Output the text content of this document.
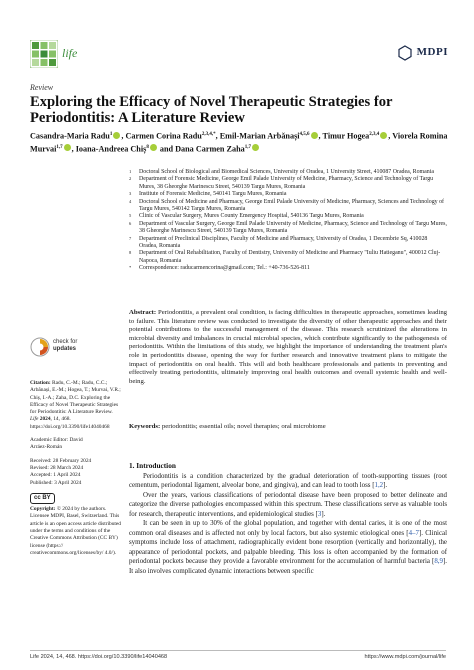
life	MDPI
Review
Exploring the Efficacy of Novel Therapeutic Strategies for Periodontitis: A Literature Review
Casandra-Maria Radu$^1$ , Carmen Corina Radu$^{2,3,4,*}$, Emil-Marian Arbănași$^{4,5,6}$ , Timur Hogea$^{2,3,4}$ , Viorela Romina Murvai$^{1,7}$ , Ioana-Andreea Chiș$^8$ and Dana Carmen Zaha$^{1,7}$
1	Doctoral School of Biological and Biomedical Sciences, University of Oradea, 1 University Street, 410087 Oradea, Romania
2	Department of Forensic Medicine, George Emil Palade University of Medicine, Pharmacy, Science and Technology of Targu Mures, 38 Gheorghe Marinescu Street, 540139 Targu Mures, Romania
3	Institute of Forensic Medicine, 540141 Targu Mures, Romania
4	Doctoral School of Medicine and Pharmacy, George Emil Palade University of Medicine, Pharmacy, Sciences and Technology of Targu Mures, 540142 Targu Mures, Romania
5	Clinic of Vascular Surgery, Mures County Emergency Hospital, 540136 Targu Mures, Romania
6	Department of Vascular Surgery, George Emil Palade University of Medicine, Pharmacy, Science and Technology of Targu Mures, 38 Gheorghe Marinescu Street, 540139 Targu Mures, Romania
7	Department of Preclinical Disciplines, Faculty of Medicine and Pharmacy, University of Oradea, 1 Decembrie Sq, 410028 Oradea, Romania
8	Department of Oral Rehabilitation, Faculty of Dentistry, University of Medicine and Pharmacy "Iuliu Hatieganu", 400012 Cluj-Napoca, Romania
*	Correspondence: raducarmencorina@gmail.com; Tel.: +40-736-526-811
Abstract: Periodontitis, a prevalent oral condition, is facing difficulties in therapeutic approaches, sometimes leading to failure. This literature review was conducted to investigate the diversity of other therapeutic approaches and their potential contributions to the successful management of the disease. This research scrutinized the alterations in microbial diversity and imbalances in crucial microbial species, which contribute significantly to the pathogenesis of periodontitis. Within the limitations of this study, we highlight the importance of understanding the treatment plan's role in periodontitis disease, opening the way for further research and innovative treatment plans to mitigate the impact of periodontitis on oral health. This will aid both healthcare professionals and patients in preventing and effectively treating periodontitis, ultimately improving oral health outcomes and overall systemic health and well-being.
Keywords: periodontitis; essential oils; novel therapies; oral microbiome
1. Introduction

Periodontitis is a condition characterized by the gradual deterioration of tooth-supporting tissues (root cementum, periodontal ligament, alveolar bone, and gingiva), and can lead to tooth loss [1,2].

Over the years, various classifications of periodontal disease have been proposed to better delineate and categorize the diverse pathologies encompassed within this spectrum. These classifications serve as valuable tools for research, therapeutic interventions, and epidemiological studies [3].

It can be seen in up to 30% of the global population, and together with dental caries, it is one of the most common oral diseases and is affected not only by local factors, but also systemic etiological ones [4–7]. Clinical symptoms include loss of attachment, radiographically evident bone resorption (vertically and horizontally), the appearance of periodontal pockets, and palpable bleeding. This loss is often accompanied by the formation of periodontal pockets because they provide a favorable environment for the accumulation of harmful bacteria [8,9]. It also involves complicated dynamic interactions between specific

check for
updates
Citation: Radu, C.-M.; Radu, C.C.; Arbănași, E.-M.; Hogea, T.; Murvai, V.R.; Chiș, I.-A.; Zaha, D.C. Exploring the Efficacy of Novel Therapeutic Strategies for Periodontitis: A Literature Review. Life 2024, 14, 468. https://doi.org/10.3390/life14040468

Academic Editor: David

Arráez-Román

Received: 28 February 2024

Revised: 28 March 2024

Accepted: 1 April 2024

Published: 3 April 2024

cc BY
Copyright: © 2024 by the authors. Licensee MDPI, Basel, Switzerland. This article is an open access article distributed under the terms and conditions of the Creative Commons Attribution (CC BY) license (https:// creativecommons.org/licenses/by/ 4.0/).
Life 2024, 14, 468. https://doi.org/10.3390/life14040468	https://www.mdpi.com/journal/life
